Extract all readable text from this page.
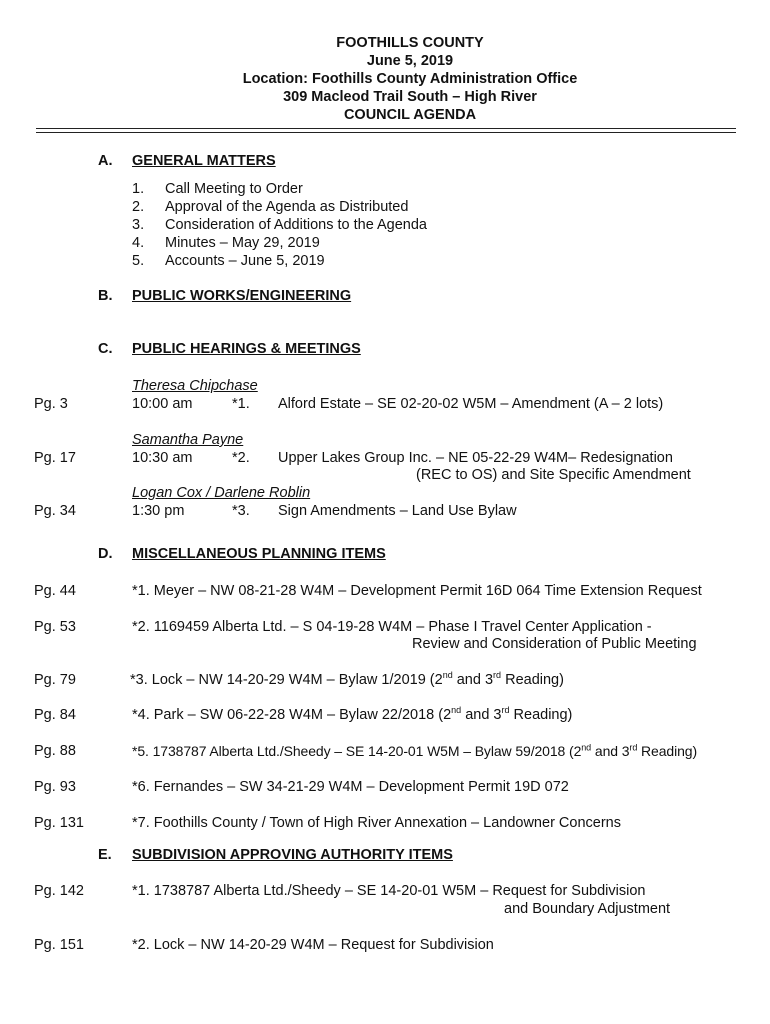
FOOTHILLS COUNTY
June 5, 2019
Location: Foothills County Administration Office
309 Macleod Trail South – High River
COUNCIL AGENDA
A. GENERAL MATTERS
1. Call Meeting to Order
2. Approval of the Agenda as Distributed
3. Consideration of Additions to the Agenda
4. Minutes – May 29, 2019
5. Accounts – June 5, 2019
B. PUBLIC WORKS/ENGINEERING
C. PUBLIC HEARINGS & MEETINGS
Theresa Chipchase
Pg. 3	10:00 am	*1. Alford Estate – SE 02-20-02 W5M – Amendment (A – 2 lots)
Samantha Payne
Pg. 17	10:30 am	*2. Upper Lakes Group Inc. – NE 05-22-29 W4M– Redesignation
(REC to OS) and Site Specific Amendment
Logan Cox / Darlene Roblin
Pg. 34	1:30 pm	*3. Sign Amendments – Land Use Bylaw
D. MISCELLANEOUS PLANNING ITEMS
Pg. 44	*1. Meyer – NW 08-21-28 W4M – Development Permit 16D 064 Time Extension Request
Pg. 53	*2. 1169459 Alberta Ltd. – S 04-19-28 W4M – Phase I Travel Center Application -
Review and Consideration of Public Meeting
Pg. 79	*3. Lock – NW 14-20-29 W4M – Bylaw 1/2019 (2nd and 3rd Reading)
Pg. 84	*4. Park – SW 06-22-28 W4M – Bylaw 22/2018 (2nd and 3rd Reading)
Pg. 88	*5. 1738787 Alberta Ltd./Sheedy – SE 14-20-01 W5M – Bylaw 59/2018 (2nd and 3rd Reading)
Pg. 93	*6. Fernandes – SW 34-21-29 W4M – Development Permit 19D 072
Pg. 131	*7. Foothills County / Town of High River Annexation – Landowner Concerns
E. SUBDIVISION APPROVING AUTHORITY ITEMS
Pg. 142	*1. 1738787 Alberta Ltd./Sheedy – SE 14-20-01 W5M – Request for Subdivision
and Boundary Adjustment
Pg. 151	*2. Lock – NW 14-20-29 W4M – Request for Subdivision
